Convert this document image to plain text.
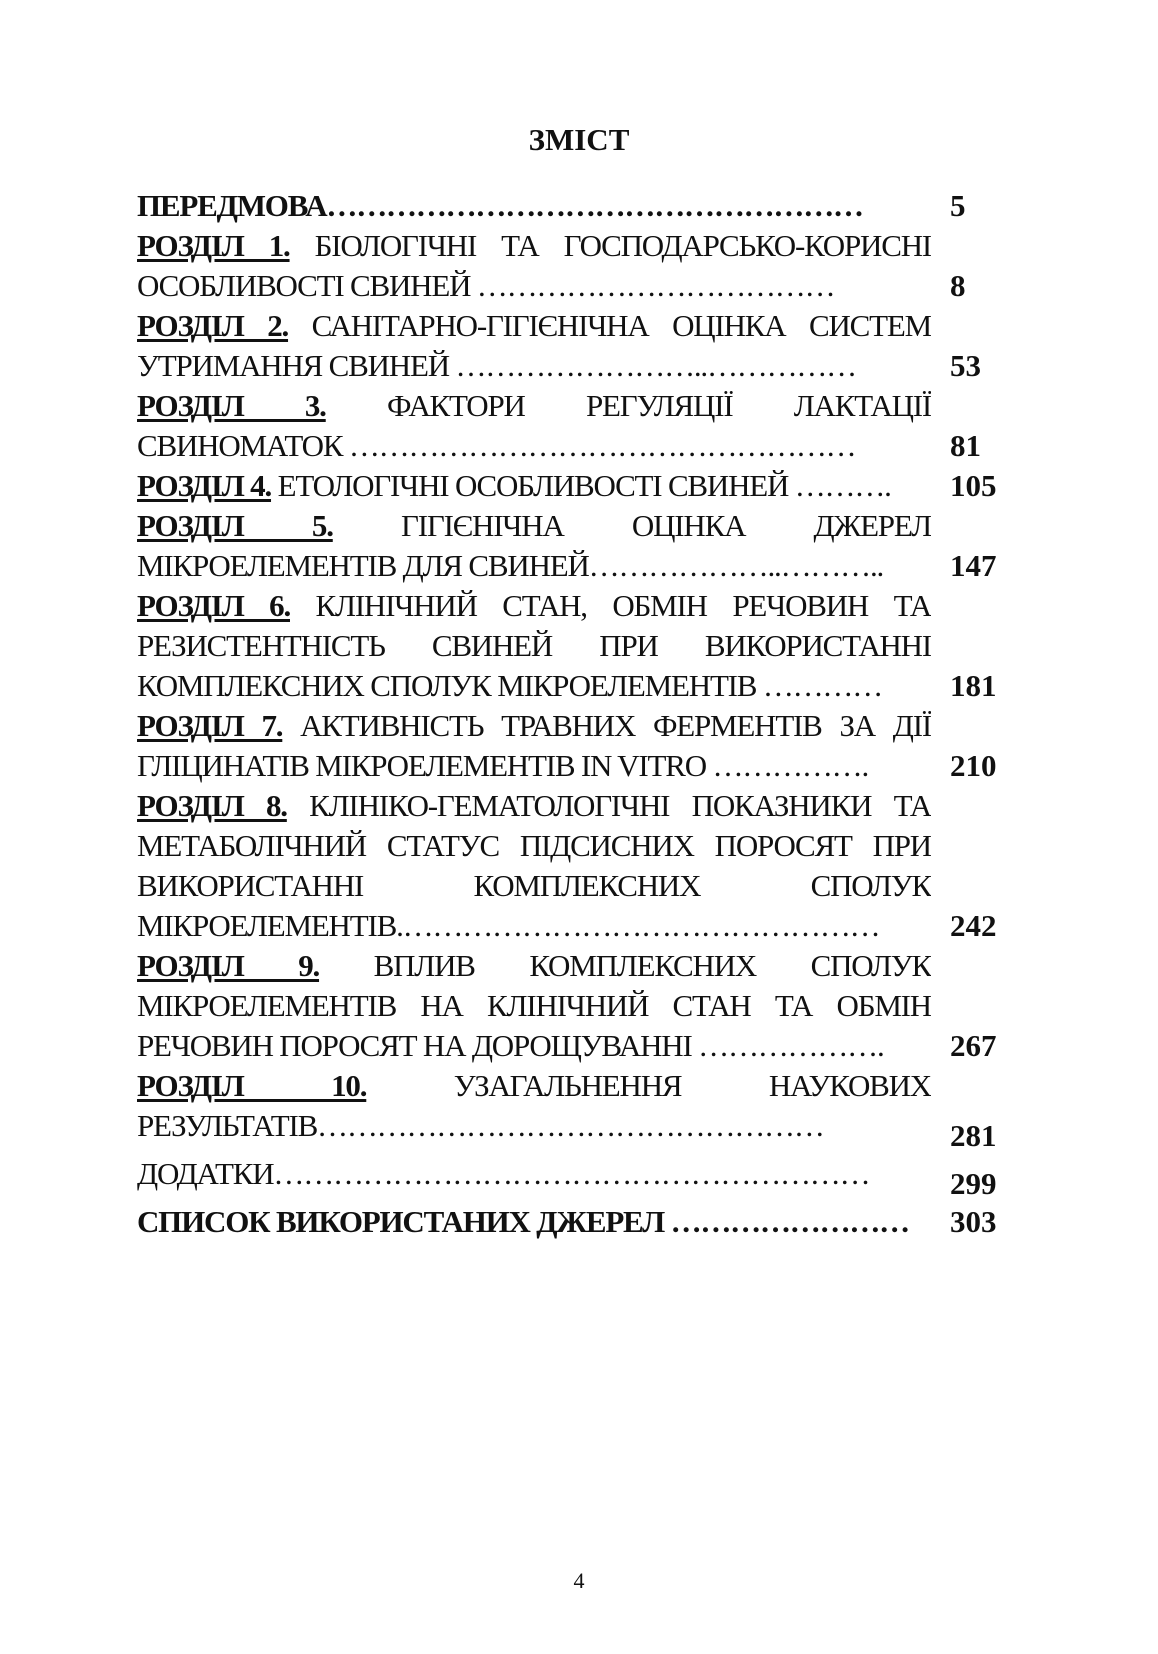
ЗМІСТ
ПЕРЕДМОВА………………………………………………	5
РОЗДІЛ 1. БІОЛОГІЧНІ ТА ГОСПОДАРСЬКО-КОРИСНІ
ОСОБЛИВОСТІ СВИНЕЙ ………………………………	8
РОЗДІЛ 2. САНІТАРНО-ГІГІЄНІЧНА ОЦІНКА СИСТЕМ
УТРИМАННЯ СВИНЕЙ ……………………..……………	53
РОЗДІЛ 3. ФАКТОРИ РЕГУЛЯЦІЇ ЛАКТАЦІЇ
СВИНОМАТОК ……………………………………………	81
РОЗДІЛ 4. ЕТОЛОГІЧНІ ОСОБЛИВОСТІ СВИНЕЙ ……….	105
РОЗДІЛ 5. ГІГІЄНІЧНА ОЦІНКА ДЖЕРЕЛ
МІКРОЕЛЕМЕНТІВ ДЛЯ СВИНЕЙ………………..………..	147
РОЗДІЛ 6. КЛІНІЧНИЙ СТАН, ОБМІН РЕЧОВИН ТА
РЕЗИСТЕНТНІСТЬ СВИНЕЙ ПРИ ВИКОРИСТАННІ
КОМПЛЕКСНИХ СПОЛУК МІКРОЕЛЕМЕНТІВ …………	181
РОЗДІЛ 7. АКТИВНІСТЬ ТРАВНИХ ФЕРМЕНТІВ ЗА ДІЇ
ГЛІЦИНАТІВ МІКРОЕЛЕМЕНТІВ IN VITRO …………….	210
РОЗДІЛ 8. КЛІНІКО-ГЕМАТОЛОГІЧНІ ПОКАЗНИКИ ТА
МЕТАБОЛІЧНИЙ СТАТУС ПІДСИСНИХ ПОРОСЯТ ПРИ
ВИКОРИСТАННІ КОМПЛЕКСНИХ СПОЛУК
МІКРОЕЛЕМЕНТІВ.…………………………………………	242
РОЗДІЛ 9. ВПЛИВ КОМПЛЕКСНИХ СПОЛУК
МІКРОЕЛЕМЕНТІВ НА КЛІНІЧНИЙ СТАН ТА ОБМІН
РЕЧОВИН ПОРОСЯТ НА ДОРОЩУВАННІ ……………….	267
РОЗДІЛ 10. УЗАГАЛЬНЕННЯ НАУКОВИХ
РЕЗУЛЬТАТІВ……………………………………………	281
ДОДАТКИ……………………………………………………	299
СПИСОК ВИКОРИСТАНИХ ДЖЕРЕЛ ……………………	303
4
